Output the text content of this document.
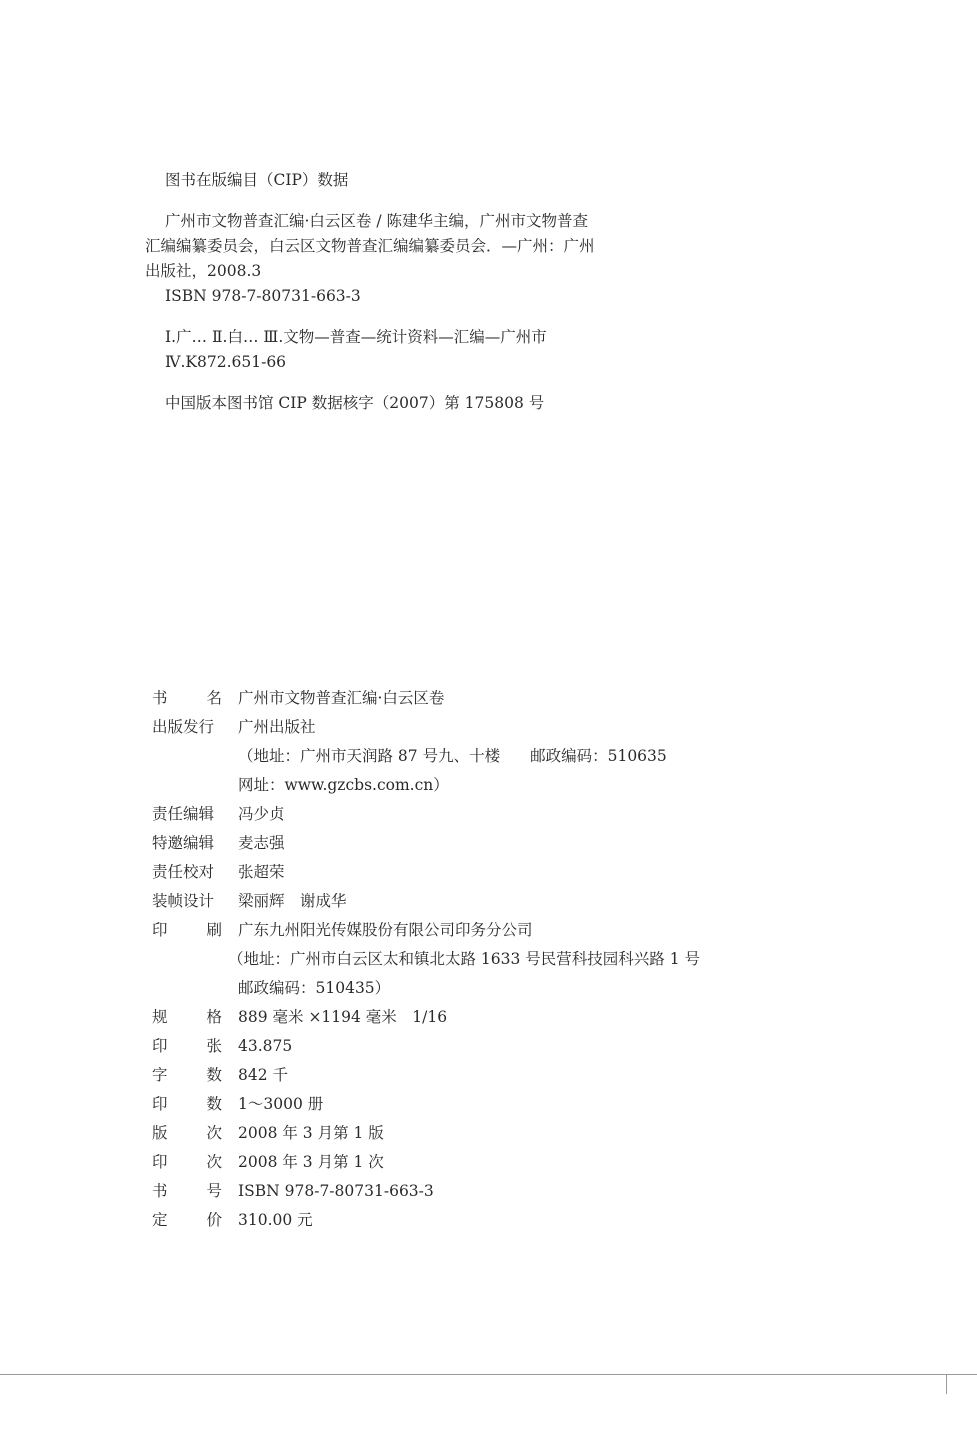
图书在版编目（CIP）数据

广州市文物普查汇编·白云区卷 / 陈建华主编，广州市文物普查

汇编编纂委员会，白云区文物普查汇编编纂委员会．—广州：广州

出版社，2008.3

ISBN 978-7-80731-663-3

Ⅰ.广… Ⅱ.白… Ⅲ.文物—普查—统计资料—汇编—广州市

Ⅳ.K872.651-66

中国版本图书馆 CIP 数据核字（2007）第 175808 号

书	名 广州市文物普查汇编·白云区卷
出版发行	广州出版社
（地址：广州市天润路 87 号九、十楼 邮政编码：510635
网址：www.gzcbs.com.cn）
责任编辑	冯少贞
特邀编辑	麦志强
责任校对	张超荣
装帧设计	梁丽辉　谢成华
印	刷 广东九州阳光传媒股份有限公司印务分公司
（地址：广州市白云区太和镇北太路 1633 号民营科技园科兴路 1 号
邮政编码：510435）
规	格 889 毫米 ×1194 毫米　1/16
印	张 43.875
字	数 842 千
印	数 1～3000 册
版	次 2008 年 3 月第 1 版
印	次 2008 年 3 月第 1 次
书	号 ISBN 978-7-80731-663-3
定	价 310.00 元
